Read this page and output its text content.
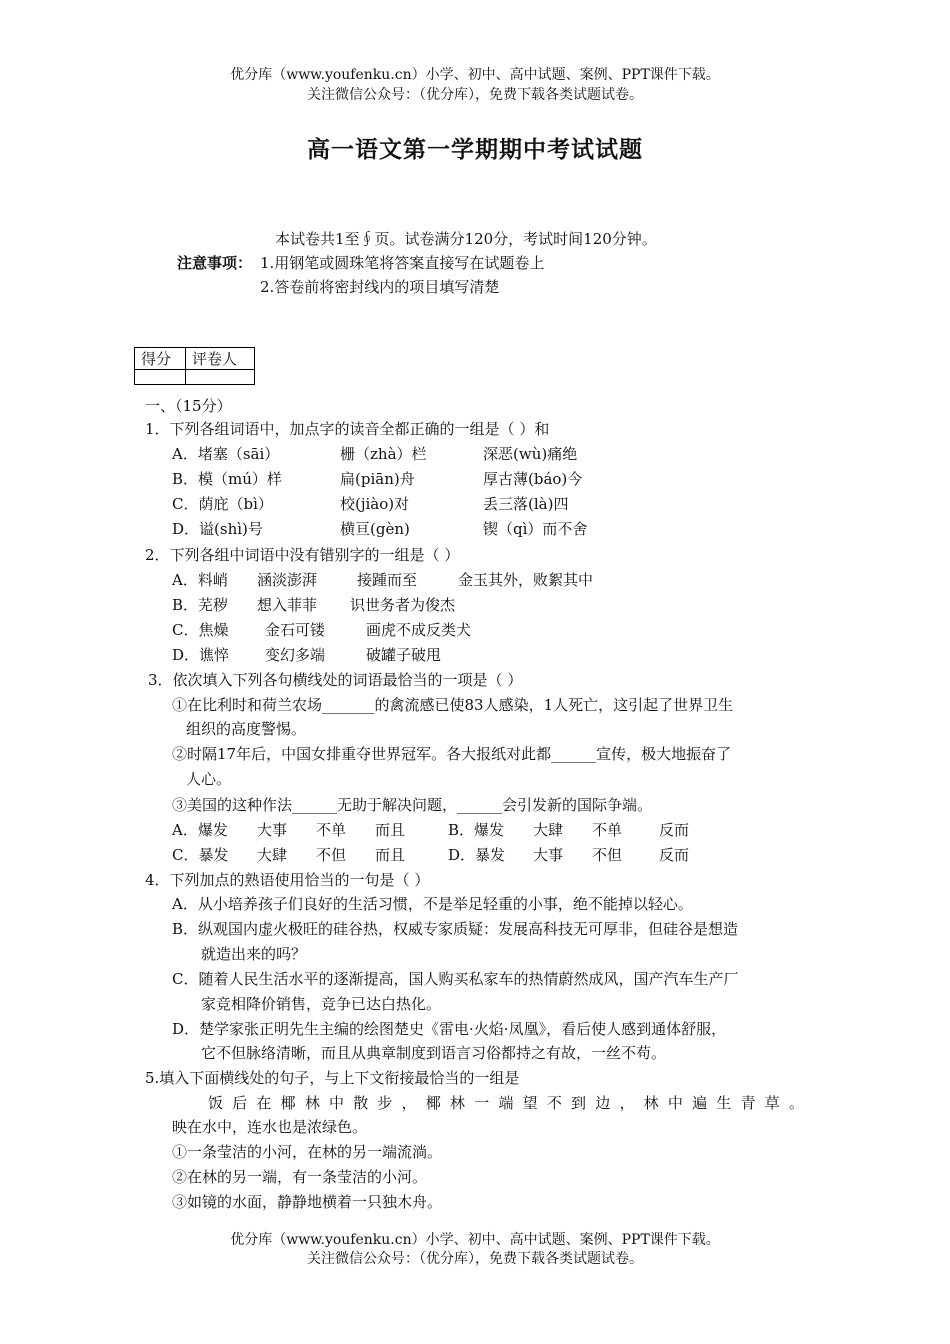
优分库（www.youfenku.cn）小学、初中、高中试题、案例、PPT课件下载。
关注微信公众号：（优分库），免费下载各类试题试卷。
高一语文第一学期期中考试试题
本试卷共1至∮页。试卷满分120分，考试时间120分钟。
注意事项： 1.用钢笔或圆珠笔将答案直接写在试题卷上
2.答卷前将密封线内的项目填写清楚
得分	评卷人

一、（15分）
1．下列各组词语中，加点字的读音全都正确的一组是（ ）和
A．堵塞（sāi）	栅（zhà）栏	深恶(wù)痛绝
B．模（mú）样	扁(piān)舟	厚古薄(báo)今
C．荫庇（bì）	校(jiào)对	丢三落(là)四
D．谥(shì)号	横亘(gèn)	锲（qì）而不舍
2．下列各组中词语中没有错别字的一组是（ ）
A．料峭 涵淡澎湃	接踵而至	金玉其外，败絮其中
B．芜秽 想入菲菲 识世务者为俊杰
C．焦燥 金石可镂	画虎不成反类犬
D．谯悴 变幻多端	破罐子破甩
3．依次填入下列各句横线处的词语最恰当的一项是（ ）
①在比利时和荷兰农场_______的禽流感已使83人感染，1人死亡，这引起了世界卫生
组织的高度警惕。
②时隔17年后，中国女排重夺世界冠军。各大报纸对此都______宣传，极大地振奋了
人心。
③美国的这种作法______无助于解决问题，______会引发新的国际争端。
A．爆发 大事 不单 而且	B．爆发 大肆 不单 反而
C．暴发 大肆 不但 而且	D．暴发 大事 不但 反而
4．下列加点的熟语使用恰当的一句是（ ）
A．从小培养孩子们良好的生活习惯，不是举足轻重的小事，绝不能掉以轻心。
B．纵观国内虚火极旺的硅谷热，权威专家质疑：发展高科技无可厚非，但硅谷是想造
就造出来的吗？
C．随着人民生活水平的逐渐提高，国人购买私家车的热情蔚然成风，国产汽车生产厂
家竞相降价销售，竞争已达白热化。
D．楚学家张正明先生主编的绘图楚史《雷电·火焰·凤凰》，看后使人感到通体舒服，
它不但脉络清晰，而且从典章制度到语言习俗都持之有故，一丝不苟。
5.填入下面横线处的句子，与上下文衔接最恰当的一组是
饭 后 在 椰 林 中 散 步 ， 椰 林 一 端 望 不 到 边 ， 林 中 遍 生 青 草 。
映在水中，连水也是浓绿色。
①一条莹洁的小河，在林的另一端流淌。
②在林的另一端，有一条莹洁的小河。
③如镜的水面，静静地横着一只独木舟。
优分库（www.youfenku.cn）小学、初中、高中试题、案例、PPT课件下载。
关注微信公众号：（优分库），免费下载各类试题试卷。
